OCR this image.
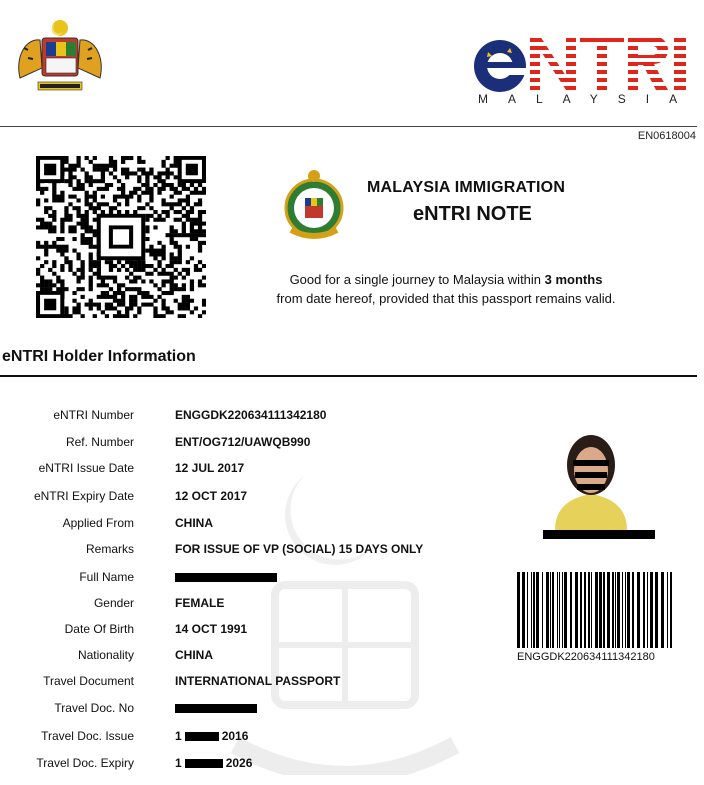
MALAYSIA
EN0618004
MALAYSIA IMMIGRATION
eNTRI NOTE
Good for a single journey to Malaysia within 3 months
from date hereof, provided that this passport remains valid.
eNTRI Holder Information
eNTRI Number	ENGGDK220634111342180
Ref. Number	ENT/OG712/UAWQB990
eNTRI Issue Date	12 JUL 2017
eNTRI Expiry Date	12 OCT 2017
Applied From	CHINA
Remarks	FOR ISSUE OF VP (SOCIAL) 15 DAYS ONLY
Full Name
Gender	FEMALE
Date Of Birth	14 OCT 1991
Nationality	CHINA
Travel Document	INTERNATIONAL PASSPORT
Travel Doc. No
Travel Doc. Issue	1	2016
Travel Doc. Expiry	1	2026
ENGGDK220634111342180
